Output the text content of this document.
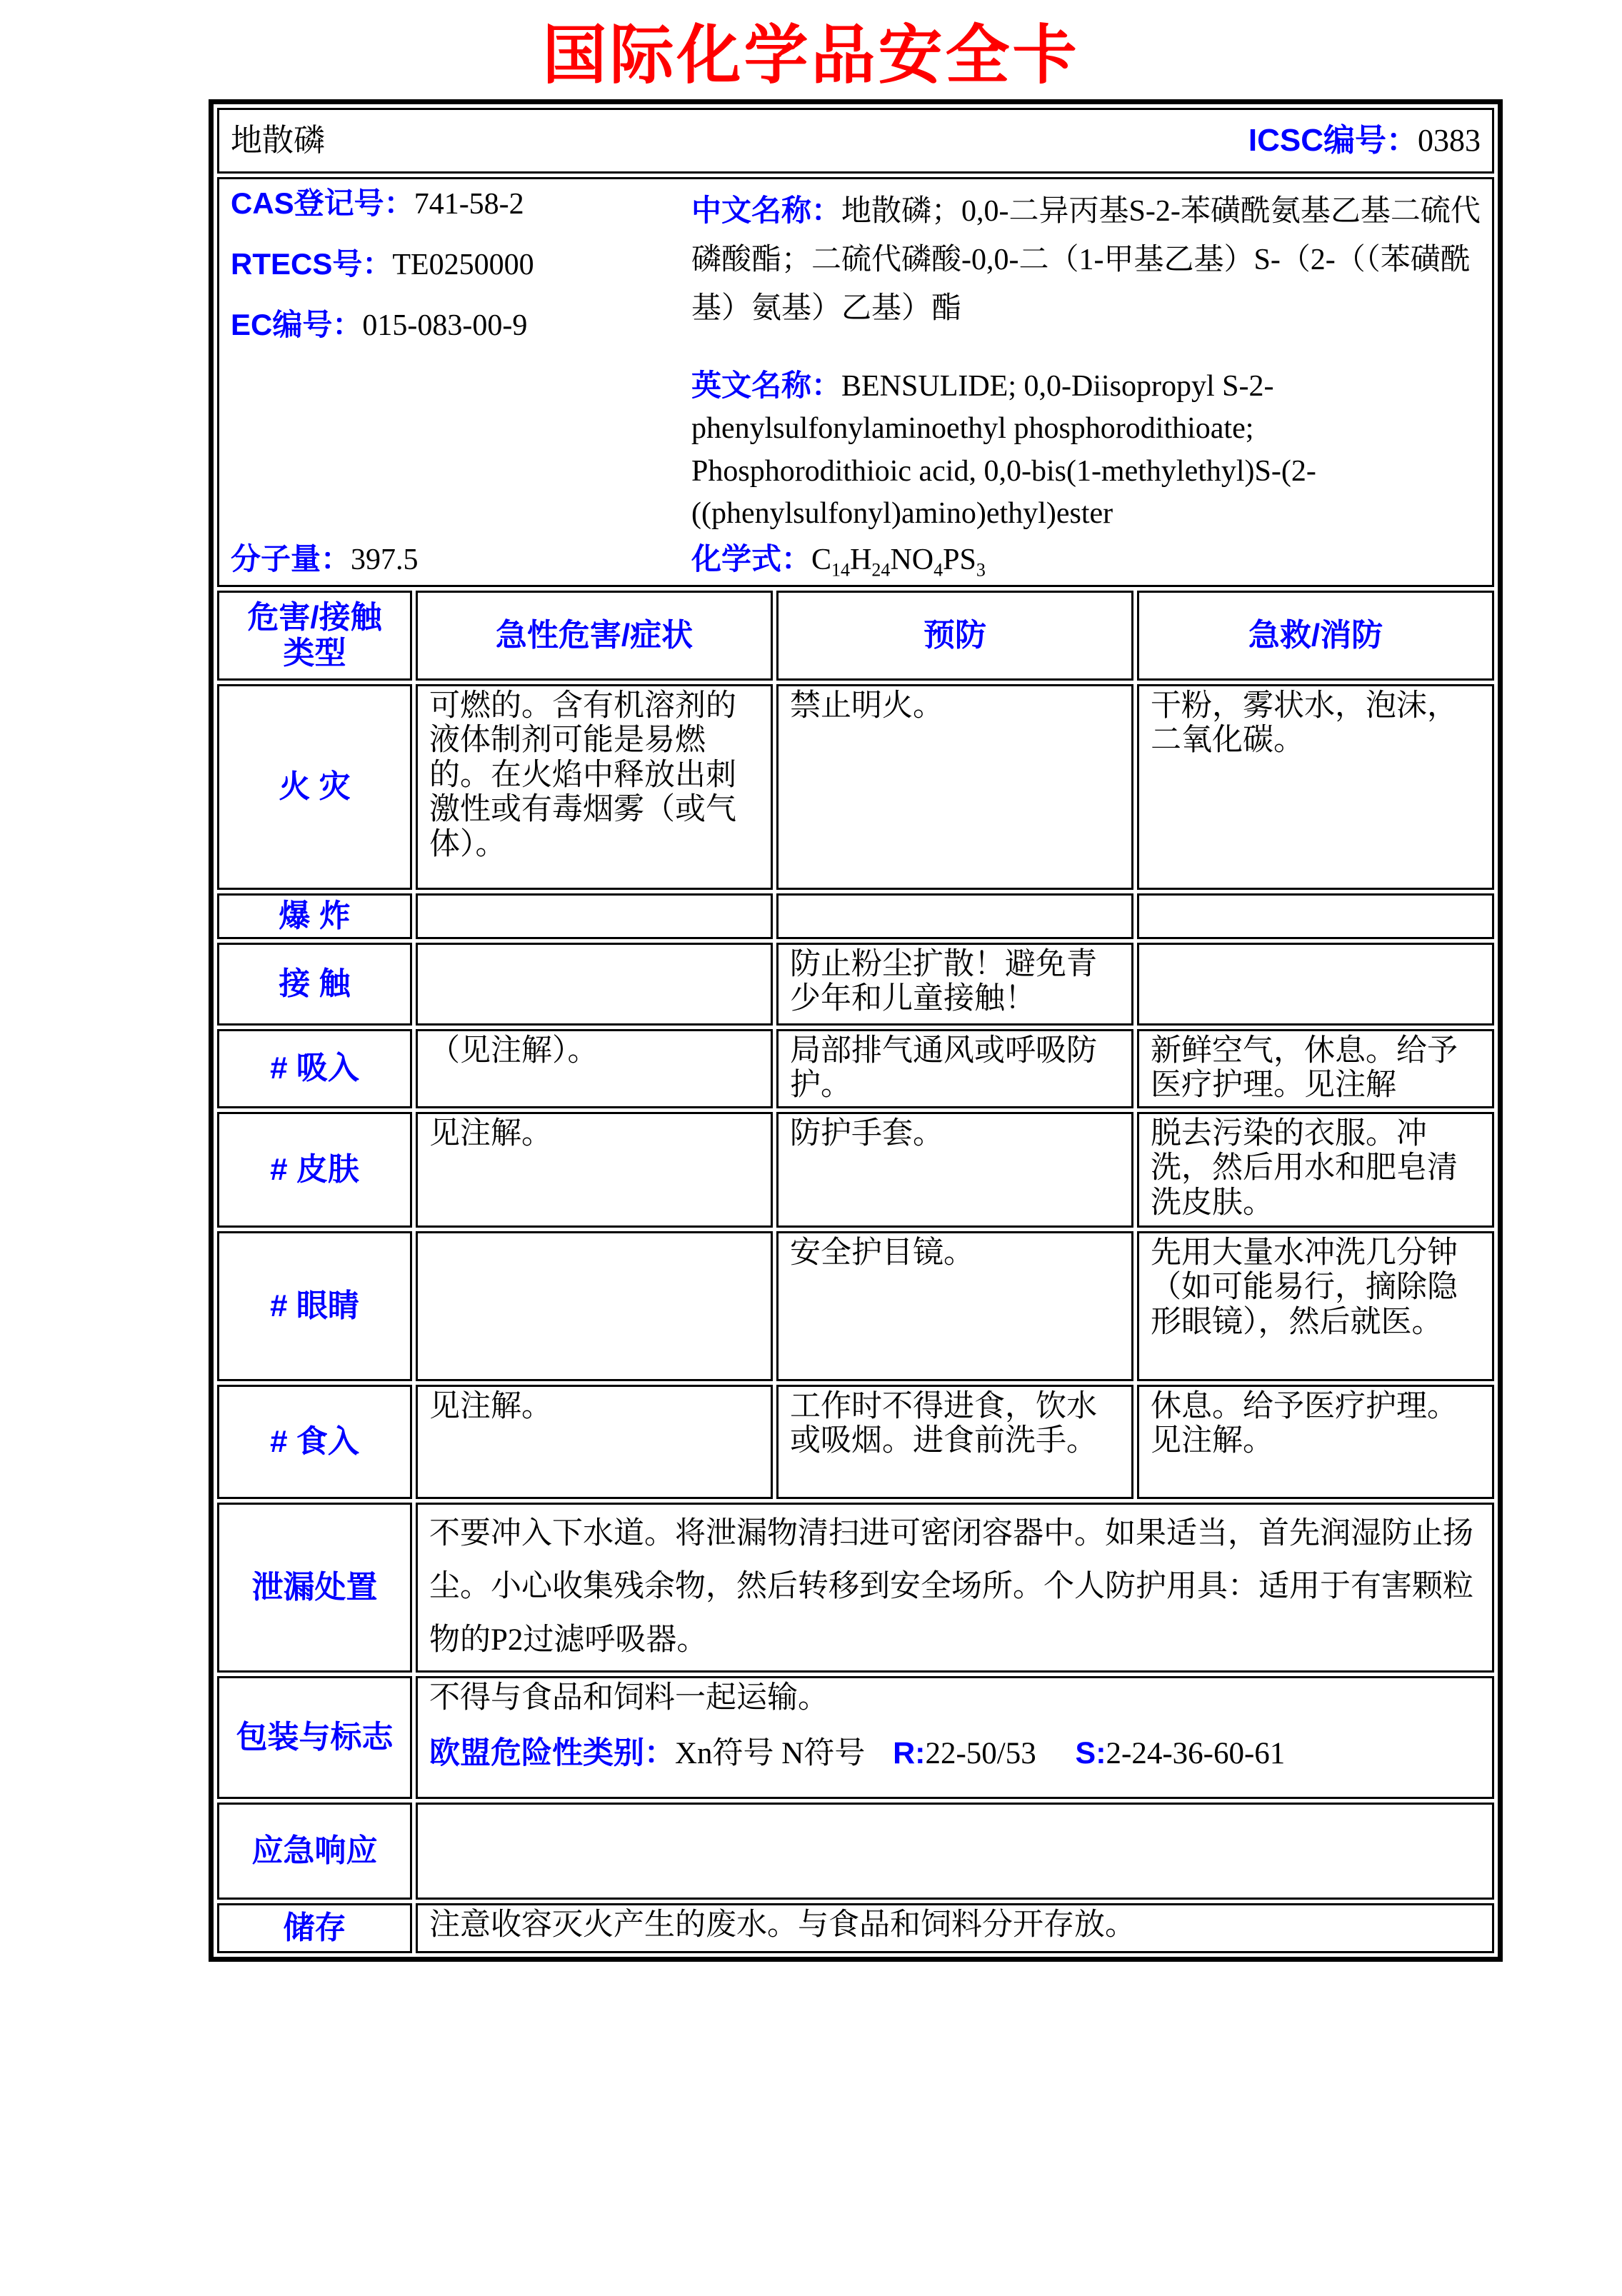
国际化学品安全卡
地散磷 ICSC编号：0383			

CAS登记号：741-58-2
RTECS号：TE0250000
EC编号：015-083-00-9
分子量：397.5
中文名称：地散磷；0,0-二异丙基S-2-苯磺酰氨基乙基二硫代磷酸酯；二硫代磷酸-0,0-二（1-甲基乙基）S-（2-（（苯磺酰基）氨基）乙基）酯
英文名称：BENSULIDE; 0,0-Diisopropyl S-2-phenylsulfonylaminoethyl phosphorodithioate; Phosphorodithioic acid, 0,0-bis(1-methylethyl)S-(2-((phenylsulfonyl)amino)ethyl)ester
化学式：$C_{14}H_{24}NO_4PS_3$

危害/接触类型	急性危害/症状	预防	急救/消防
火 灾	可燃的。含有机溶剂的液体制剂可能是易燃的。在火焰中释放出刺激性或有毒烟雾（或气体）。	禁止明火。	干粉，雾状水，泡沫，二氧化碳。
爆 炸			
接 触		防止粉尘扩散！避免青少年和儿童接触！	
# 吸入	（见注解）。	局部排气通风或呼吸防护。	新鲜空气，休息。给予医疗护理。见注解
# 皮肤	见注解。	防护手套。	脱去污染的衣服。冲洗，然后用水和肥皂清洗皮肤。
# 眼睛		安全护目镜。	先用大量水冲洗几分钟（如可能易行，摘除隐形眼镜），然后就医。
# 食入	见注解。	工作时不得进食，饮水或吸烟。进食前洗手。	休息。给予医疗护理。见注解。
泄漏处置	不要冲入下水道。将泄漏物清扫进可密闭容器中。如果适当，首先润湿防止扬尘。小心收集残余物，然后转移到安全场所。个人防护用具：适用于有害颗粒物的P2过滤呼吸器。		
包装与标志	不得与食品和饲料一起运输。
欧盟危险性类别：Xn符号 N符号 R:22-50/53 S:2-24-36-60-61		

应急响应			
储存	注意收容灭火产生的废水。与食品和饲料分开存放。		
